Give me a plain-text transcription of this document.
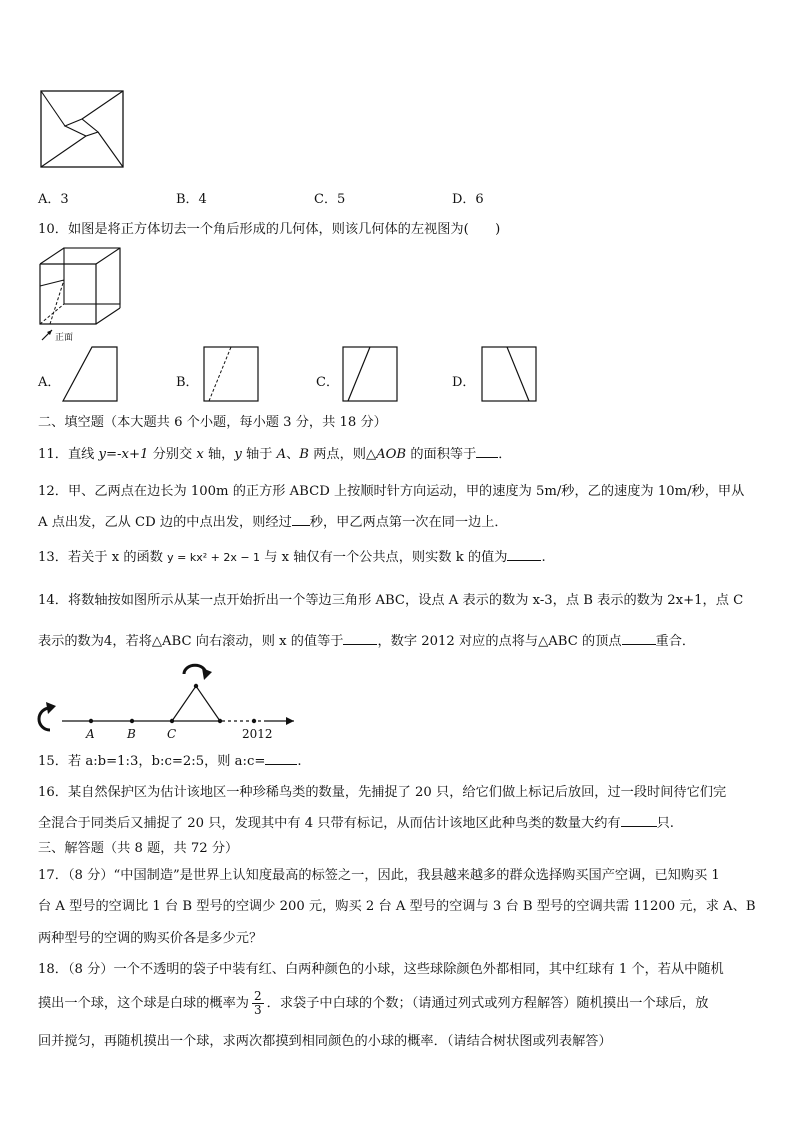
A．3	B．4	C．5	D．6
10．如图是将正方体切去一个角后形成的几何体，则该几何体的左视图为(　　)
正面
A．	B．	C．	D．
二、填空题（本大题共 6 个小题，每小题 3 分，共 18 分）
11．直线 y=-x+1 分别交 x 轴，y 轴于 A、B 两点，则△AOB 的面积等于 ．
12．甲、乙两点在边长为 100m 的正方形 ABCD 上按顺时针方向运动，甲的速度为 5m/秒，乙的速度为 10m/秒，甲从
A 点出发，乙从 CD 边的中点出发，则经过 秒，甲乙两点第一次在同一边上．
13．若关于 x 的函数 y = kx² + 2x − 1 与 x 轴仅有一个公共点，则实数 k 的值为	.
14．将数轴按如图所示从某一点开始折出一个等边三角形 ABC，设点 A 表示的数为 x-3，点 B 表示的数为 2x+1，点 C
表示的数为4，若将△ABC 向右滚动，则 x 的值等于	，数字 2012 对应的点将与△ABC 的顶点	重合．
A	B	C	2012
15．若 a:b=1:3，b:c=2:5，则 a:c= .
16．某自然保护区为估计该地区一种珍稀鸟类的数量，先捕捉了 20 只，给它们做上标记后放回，过一段时间待它们完
全混合于同类后又捕捉了 20 只，发现其中有 4 只带有标记，从而估计该地区此种鸟类的数量大约有	只.
三、解答题（共 8 题，共 72 分）
17．（8 分）“中国制造”是世界上认知度最高的标签之一，因此，我县越来越多的群众选择购买国产空调，已知购买 1
台 A 型号的空调比 1 台 B 型号的空调少 200 元，购买 2 台 A 型号的空调与 3 台 B 型号的空调共需 11200 元，求 A、B
两种型号的空调的购买价各是多少元？
18．（8 分）一个不透明的袋子中装有红、白两种颜色的小球，这些球除颜色外都相同，其中红球有 1 个，若从中随机
摸出一个球，这个球是白球的概率为 $\frac{2}{3}$ ．求袋子中白球的个数；（请通过列式或列方程解答）随机摸出一个球后，放
回并搅匀，再随机摸出一个球，求两次都摸到相同颜色的小球的概率．（请结合树状图或列表解答）
